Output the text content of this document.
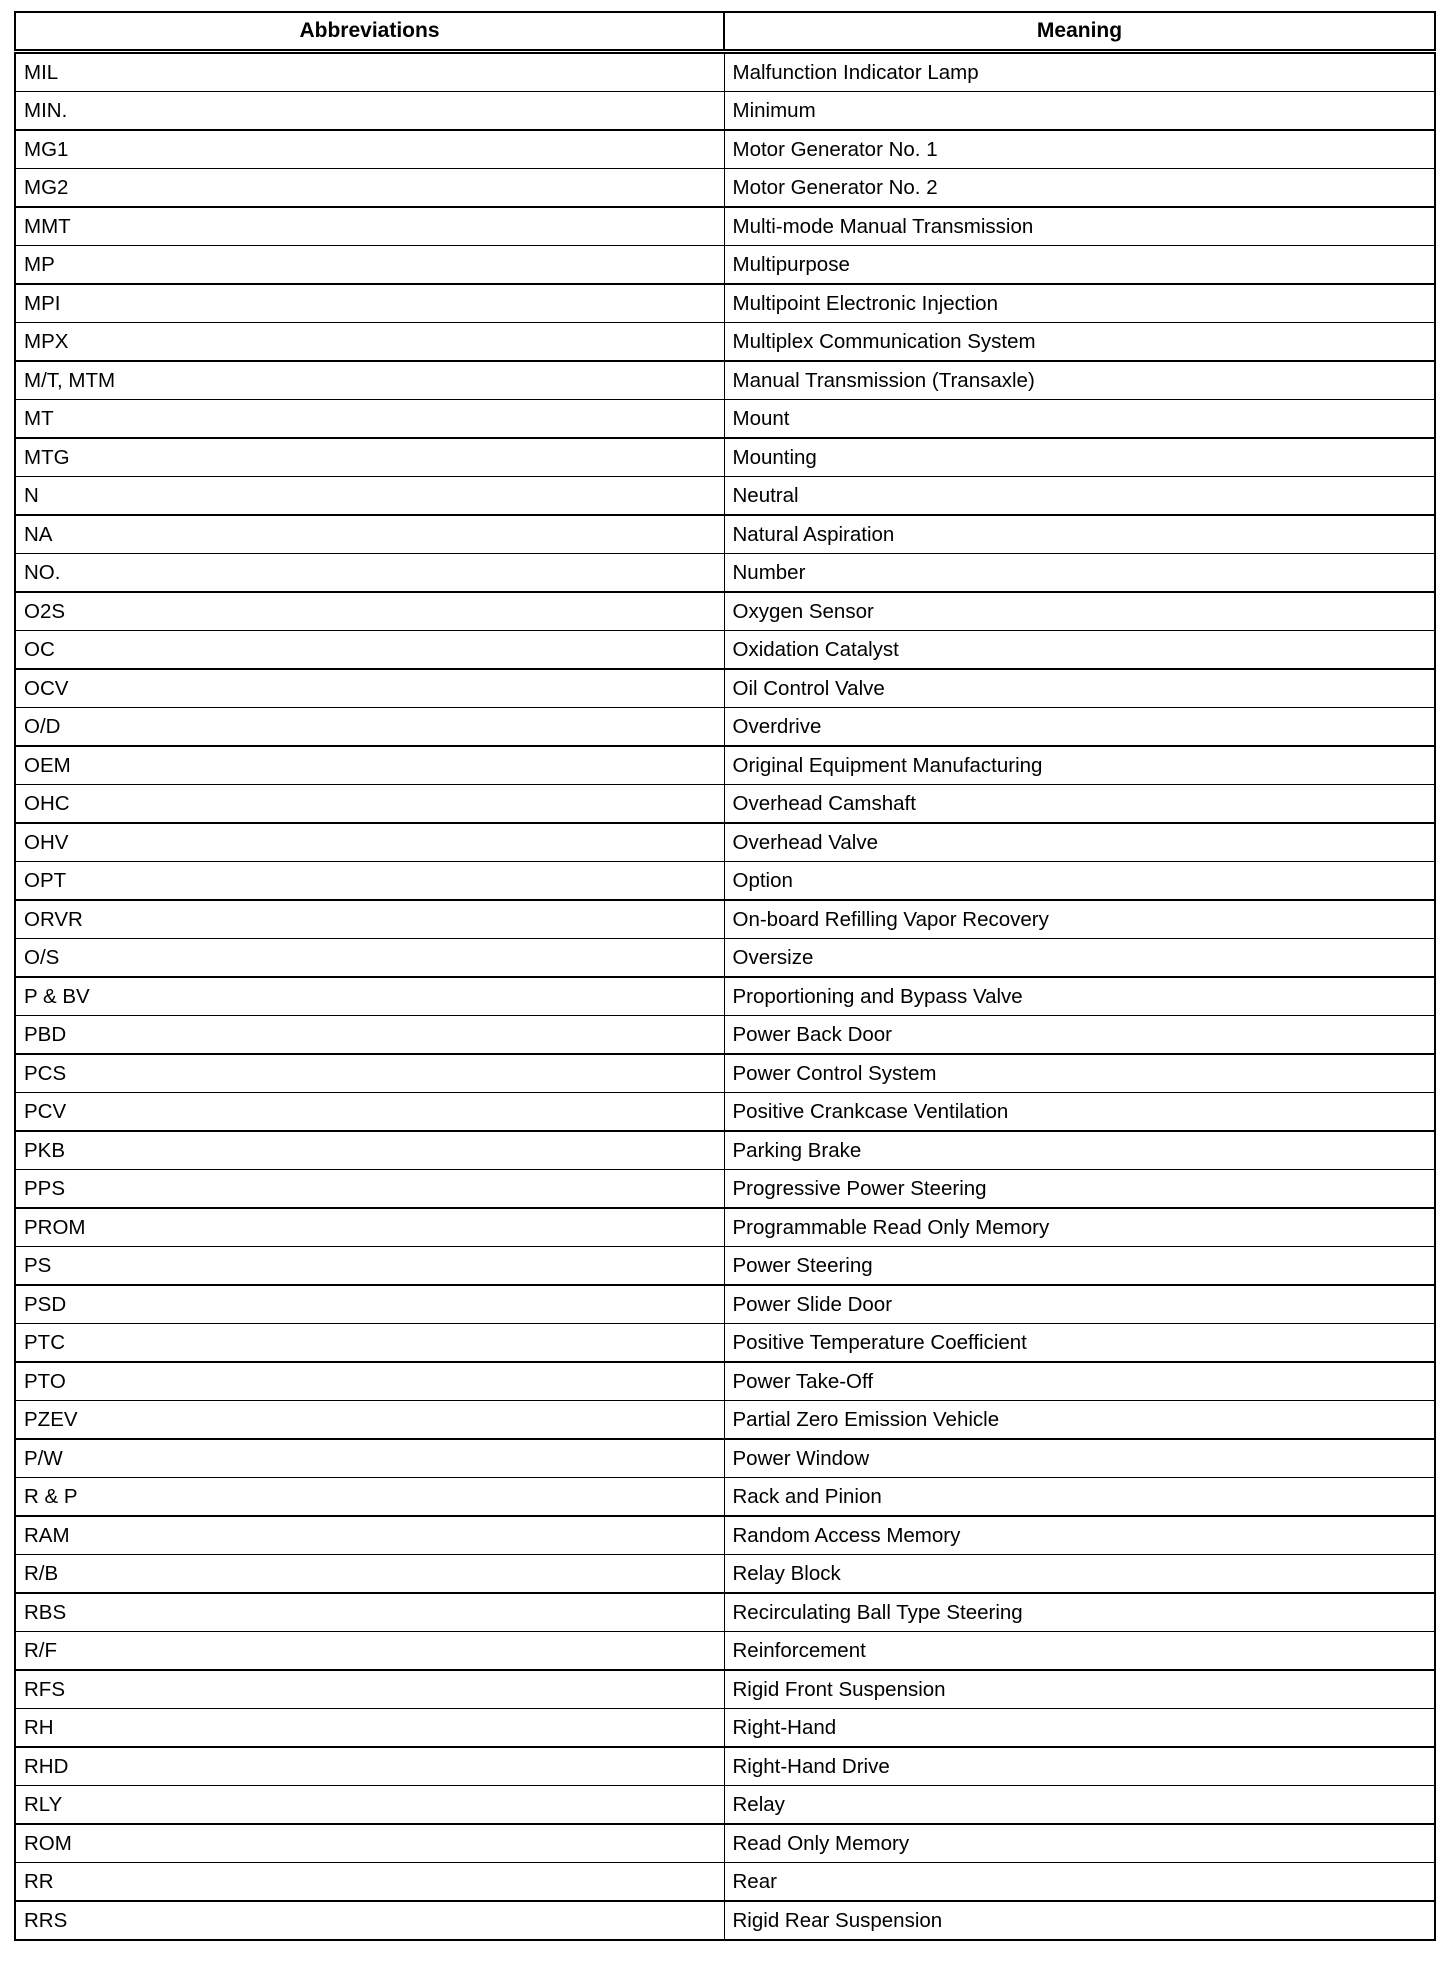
Abbreviations	Meaning
MIL	Malfunction Indicator Lamp
MIN.	Minimum
MG1	Motor Generator No. 1
MG2	Motor Generator No. 2
MMT	Multi-mode Manual Transmission
MP	Multipurpose
MPI	Multipoint Electronic Injection
MPX	Multiplex Communication System
M/T, MTM	Manual Transmission (Transaxle)
MT	Mount
MTG	Mounting
N	Neutral
NA	Natural Aspiration
NO.	Number
O2S	Oxygen Sensor
OC	Oxidation Catalyst
OCV	Oil Control Valve
O/D	Overdrive
OEM	Original Equipment Manufacturing
OHC	Overhead Camshaft
OHV	Overhead Valve
OPT	Option
ORVR	On-board Refilling Vapor Recovery
O/S	Oversize
P & BV	Proportioning and Bypass Valve
PBD	Power Back Door
PCS	Power Control System
PCV	Positive Crankcase Ventilation
PKB	Parking Brake
PPS	Progressive Power Steering
PROM	Programmable Read Only Memory
PS	Power Steering
PSD	Power Slide Door
PTC	Positive Temperature Coefficient
PTO	Power Take-Off
PZEV	Partial Zero Emission Vehicle
P/W	Power Window
R & P	Rack and Pinion
RAM	Random Access Memory
R/B	Relay Block
RBS	Recirculating Ball Type Steering
R/F	Reinforcement
RFS	Rigid Front Suspension
RH	Right-Hand
RHD	Right-Hand Drive
RLY	Relay
ROM	Read Only Memory
RR	Rear
RRS	Rigid Rear Suspension
